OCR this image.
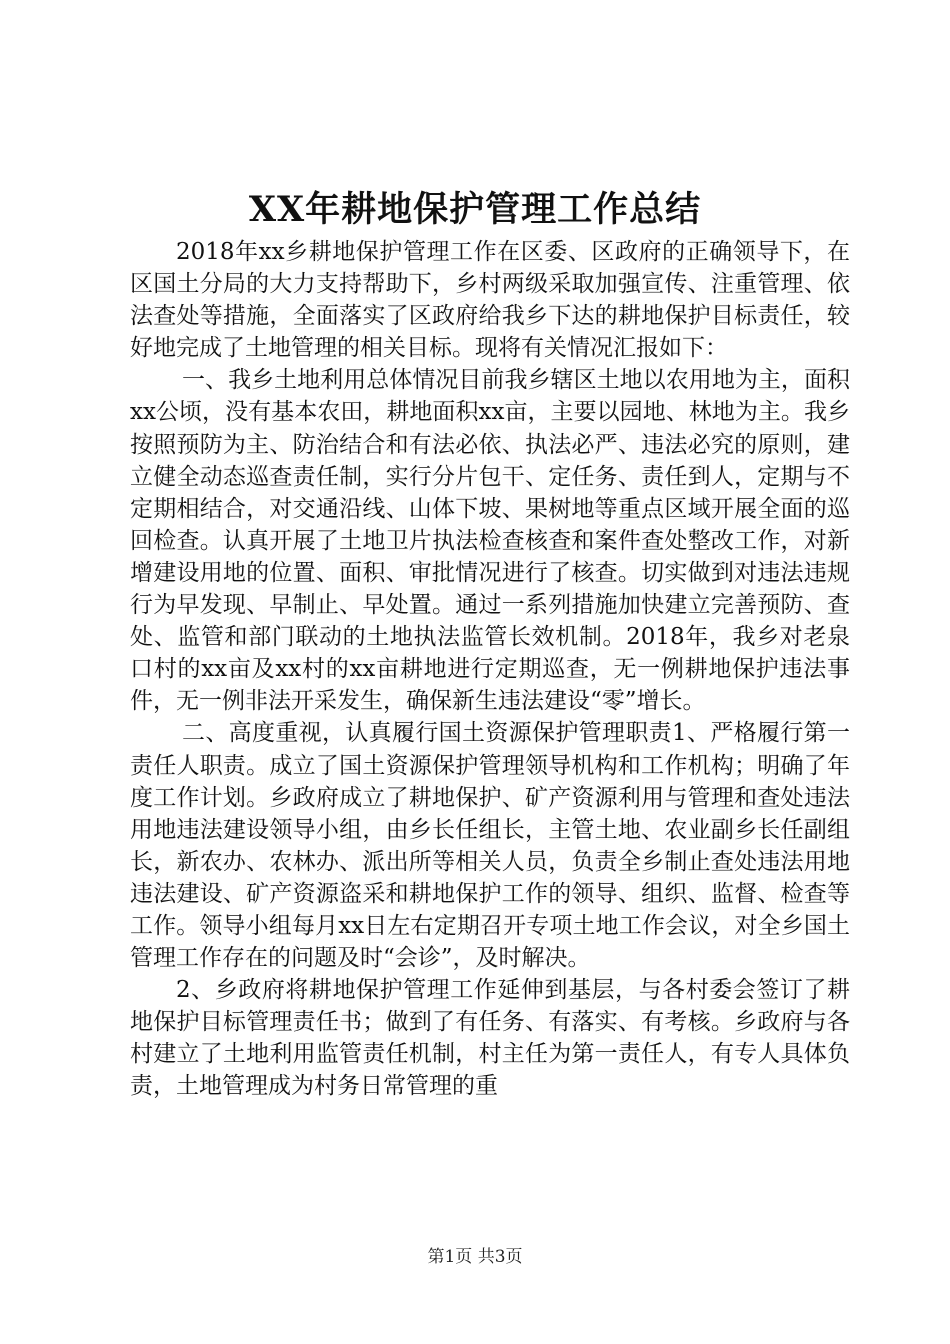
XX年耕地保护管理工作总结

2018年xx乡耕地保护管理工作在区委、区政府的正确领导下，在区国土分局的大力支持帮助下，乡村两级采取加强宣传、注重管理、依法查处等措施，全面落实了区政府给我乡下达的耕地保护目标责任，较好地完成了土地管理的相关目标。现将有关情况汇报如下：

一、我乡土地利用总体情况目前我乡辖区土地以农用地为主，面积xx公顷，没有基本农田，耕地面积xx亩，主要以园地、林地为主。我乡按照预防为主、防治结合和有法必依、执法必严、违法必究的原则，建立健全动态巡查责任制，实行分片包干、定任务、责任到人，定期与不定期相结合，对交通沿线、山体下坡、果树地等重点区域开展全面的巡回检查。认真开展了土地卫片执法检查核查和案件查处整改工作，对新增建设用地的位置、面积、审批情况进行了核查。切实做到对违法违规行为早发现、早制止、早处置。通过一系列措施加快建立完善预防、查处、监管和部门联动的土地执法监管长效机制。2018年，我乡对老泉口村的xx亩及xx村的xx亩耕地进行定期巡查，无一例耕地保护违法事件，无一例非法开采发生，确保新生违法建设“零”增长。

二、高度重视，认真履行国土资源保护管理职责1、严格履行第一责任人职责。成立了国土资源保护管理领导机构和工作机构；明确了年度工作计划。乡政府成立了耕地保护、矿产资源利用与管理和查处违法用地违法建设领导小组，由乡长任组长，主管土地、农业副乡长任副组长，新农办、农林办、派出所等相关人员，负责全乡制止查处违法用地违法建设、矿产资源盗采和耕地保护工作的领导、组织、监督、检查等工作。领导小组每月xx日左右定期召开专项土地工作会议，对全乡国土管理工作存在的问题及时“会诊”，及时解决。

2、乡政府将耕地保护管理工作延伸到基层，与各村委会签订了耕地保护目标管理责任书；做到了有任务、有落实、有考核。乡政府与各村建立了土地利用监管责任机制，村主任为第一责任人，有专人具体负责，土地管理成为村务日常管理的重

第1页 共3页
